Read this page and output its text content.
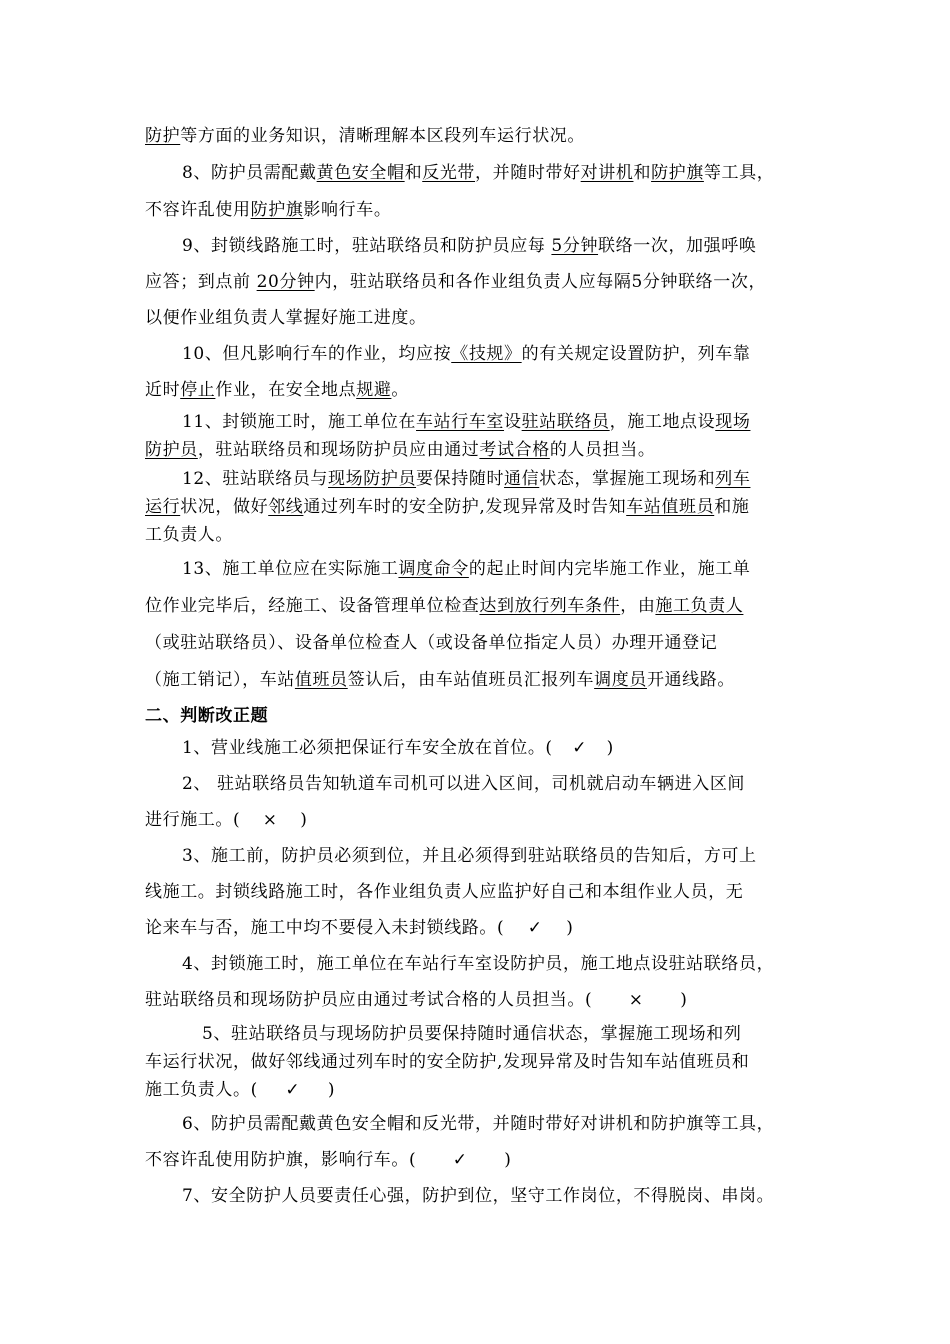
防护等方面的业务知识，清晰理解本区段列车运行状况。
8、防护员需配戴黄色安全帽和反光带，并随时带好对讲机和防护旗等工具，
不容许乱使用防护旗影响行车。
9、封锁线路施工时，驻站联络员和防护员应每 5分钟联络一次，加强呼唤
应答；到点前 20分钟内，驻站联络员和各作业组负责人应每隔5分钟联络一次，
以便作业组负责人掌握好施工进度。
10、但凡影响行车的作业，均应按《技规》的有关规定设置防护，列车靠
近时停止作业，在安全地点规避。
11、封锁施工时，施工单位在车站行车室设驻站联络员，施工地点设现场
防护员，驻站联络员和现场防护员应由通过考试合格的人员担当。
12、驻站联络员与现场防护员要保持随时通信状态，掌握施工现场和列车
运行状况，做好邻线通过列车时的安全防护,发现异常及时告知车站值班员和施
工负责人。
13、施工单位应在实际施工调度命令的起止时间内完毕施工作业，施工单
位作业完毕后，经施工、设备管理单位检查达到放行列车条件，由施工负责人
（或驻站联络员）、设备单位检查人（或设备单位指定人员）办理开通登记
（施工销记），车站值班员签认后，由车站值班员汇报列车调度员开通线路。
二、判断改正题
1、营业线施工必须把保证行车安全放在首位。( ✓ )
2、 驻站联络员告知轨道车司机可以进入区间，司机就启动车辆进入区间
进行施工。( × )
3、施工前，防护员必须到位，并且必须得到驻站联络员的告知后，方可上
线施工。封锁线路施工时，各作业组负责人应监护好自己和本组作业人员，无
论来车与否，施工中均不要侵入未封锁线路。( ✓ )
4、封锁施工时，施工单位在车站行车室设防护员，施工地点设驻站联络员，
驻站联络员和现场防护员应由通过考试合格的人员担当。( × )
5、驻站联络员与现场防护员要保持随时通信状态，掌握施工现场和列
车运行状况，做好邻线通过列车时的安全防护,发现异常及时告知车站值班员和
施工负责人。( ✓ )
6、防护员需配戴黄色安全帽和反光带，并随时带好对讲机和防护旗等工具，
不容许乱使用防护旗，影响行车。( ✓ )
7、安全防护人员要责任心强，防护到位，坚守工作岗位，不得脱岗、串岗。
